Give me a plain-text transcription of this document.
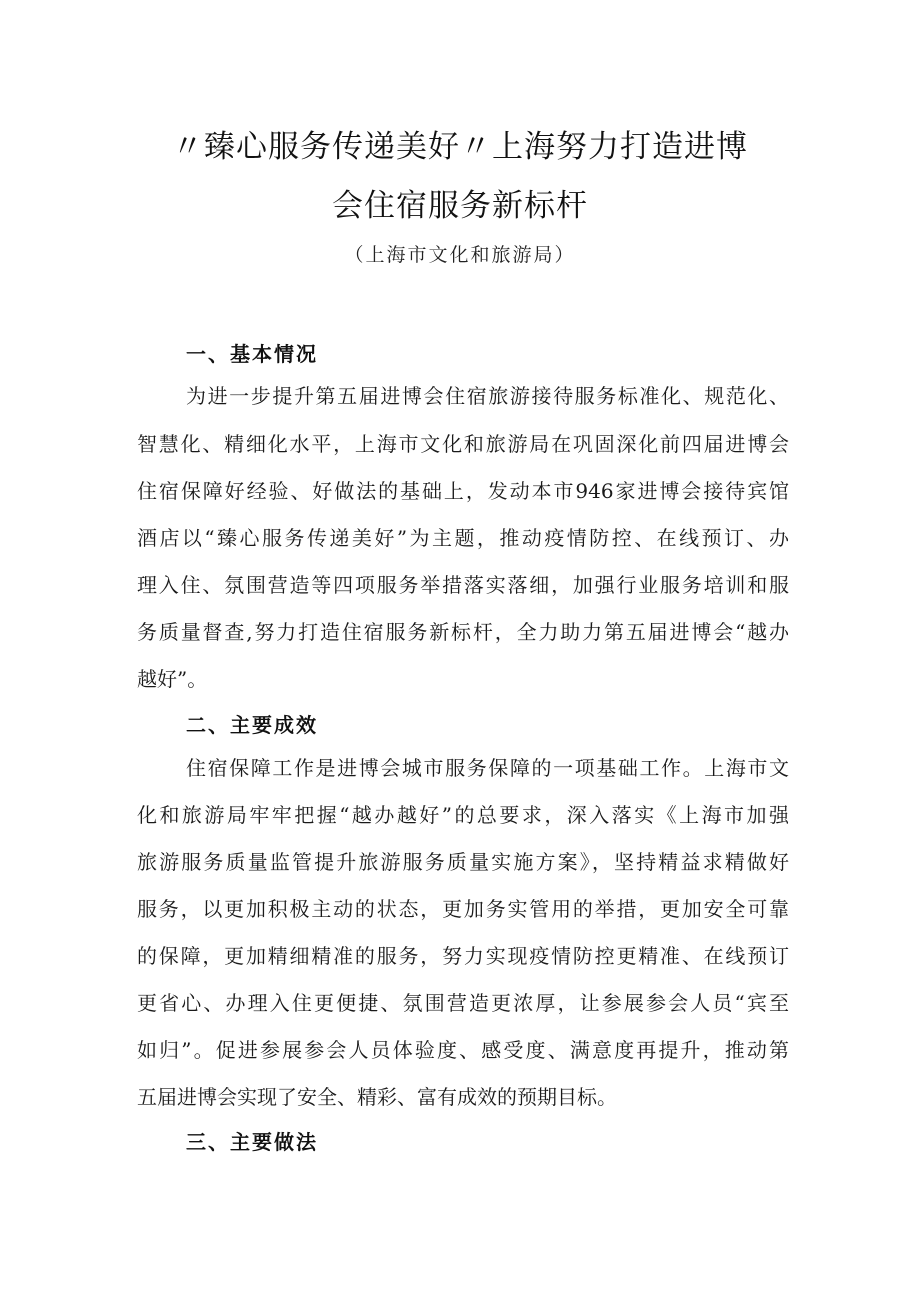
〃臻心服务传递美好〃上海努力打造进博
会住宿服务新标杆
（上海市文化和旅游局）
一、基本情况
为进一步提升第五届进博会住宿旅游接待服务标准化、规范化、
智慧化、精细化水平，上海市文化和旅游局在巩固深化前四届进博会
住宿保障好经验、好做法的基础上，发动本市946家进博会接待宾馆
酒店以“臻心服务传递美好”为主题，推动疫情防控、在线预订、办
理入住、氛围营造等四项服务举措落实落细，加强行业服务培训和服
务质量督查,努力打造住宿服务新标杆，全力助力第五届进博会“越办
越好”。
二、主要成效
住宿保障工作是进博会城市服务保障的一项基础工作。上海市文
化和旅游局牢牢把握“越办越好”的总要求，深入落实《上海市加强
旅游服务质量监管提升旅游服务质量实施方案》，坚持精益求精做好
服务，以更加积极主动的状态，更加务实管用的举措，更加安全可靠
的保障，更加精细精准的服务，努力实现疫情防控更精准、在线预订
更省心、办理入住更便捷、氛围营造更浓厚，让参展参会人员“宾至
如归”。促进参展参会人员体验度、感受度、满意度再提升，推动第
五届进博会实现了安全、精彩、富有成效的预期目标。
三、主要做法
